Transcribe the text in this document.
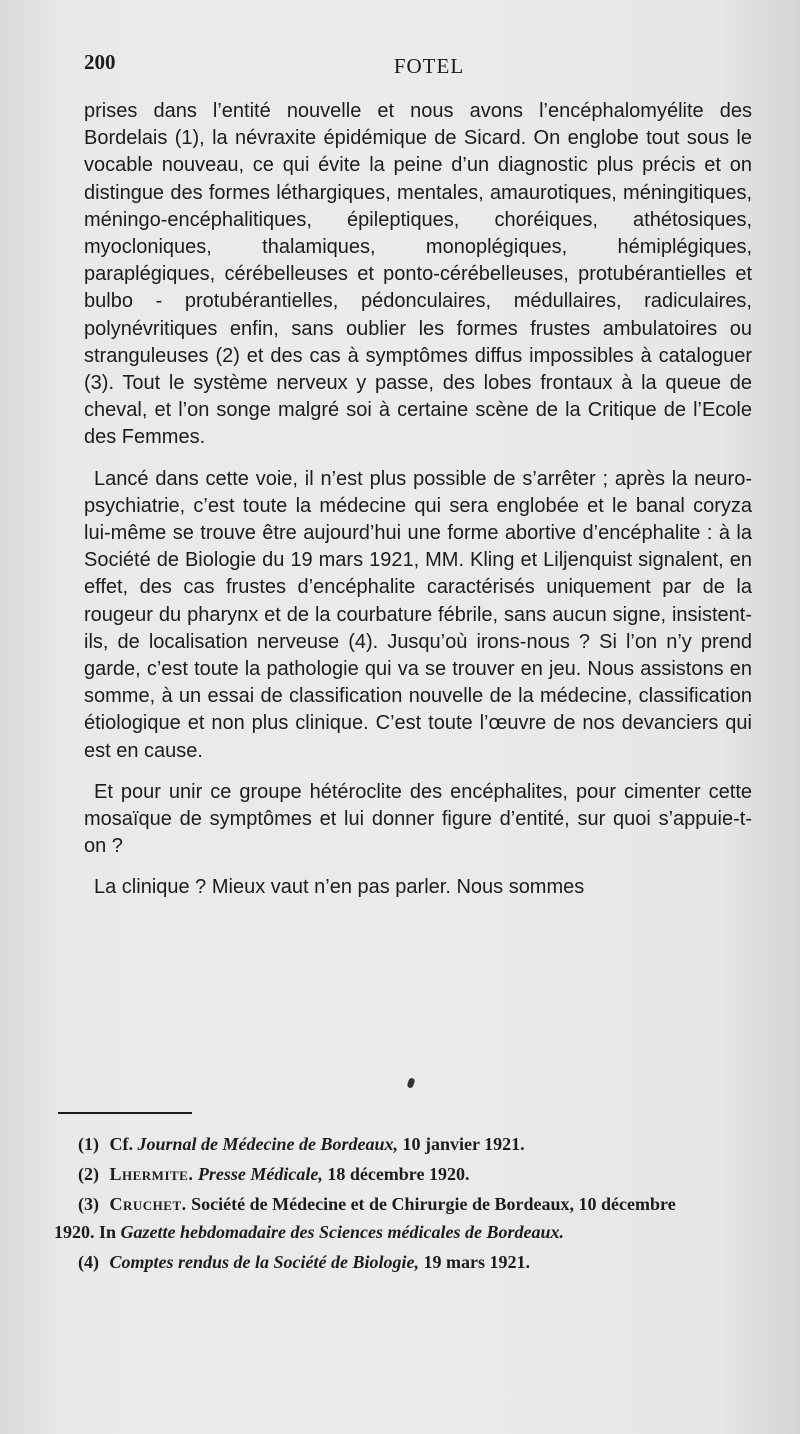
200	FOTEL

prises dans l’entité nouvelle et nous avons l’encéphalomyélite des Bordelais (1), la névraxite épidémique de Sicard. On englobe tout sous le vocable nouveau, ce qui évite la peine d’un diagnostic plus précis et on distingue des formes léthargiques, mentales, amaurotiques, méningitiques, méningo-encéphalitiques, épileptiques, choréiques, athétosiques, myocloniques, thalamiques, monoplégiques, hémiplégiques, paraplégiques, cérébelleuses et ponto-cérébelleuses, protubérantielles et bulbo - protubérantielles, pédonculaires, médullaires, radiculaires, polynévritiques enfin, sans oublier les formes frustes ambulatoires ou stranguleuses (2) et des cas à symptômes diffus impossibles à cataloguer (3). Tout le système nerveux y passe, des lobes frontaux à la queue de cheval, et l’on songe malgré soi à certaine scène de la Critique de l’Ecole des Femmes.

Lancé dans cette voie, il n’est plus possible de s’arrêter ; après la neuro-psychiatrie, c’est toute la médecine qui sera englobée et le banal coryza lui-même se trouve être aujourd’hui une forme abortive d’encéphalite : à la Société de Biologie du 19 mars 1921, MM. Kling et Liljenquist signalent, en effet, des cas frustes d’encéphalite caractérisés uniquement par de la rougeur du pharynx et de la courbature fébrile, sans aucun signe, insistent-ils, de localisation nerveuse (4). Jusqu’où irons-nous ? Si l’on n’y prend garde, c’est toute la pathologie qui va se trouver en jeu. Nous assistons en somme, à un essai de classification nouvelle de la médecine, classification étiologique et non plus clinique. C’est toute l’œuvre de nos devanciers qui est en cause.

Et pour unir ce groupe hétéroclite des encéphalites, pour cimenter cette mosaïque de symptômes et lui donner figure d’entité, sur quoi s’appuie-t-on ?

La clinique ? Mieux vaut n’en pas parler. Nous sommes

(1) Cf. Journal de Médecine de Bordeaux, 10 janvier 1921.

(2) Lhermite. Presse Médicale, 18 décembre 1920.

(3) Cruchet. Société de Médecine et de Chirurgie de Bordeaux, 10 décembre 1920. In Gazette hebdomadaire des Sciences médicales de Bordeaux.

(4) Comptes rendus de la Société de Biologie, 19 mars 1921.
